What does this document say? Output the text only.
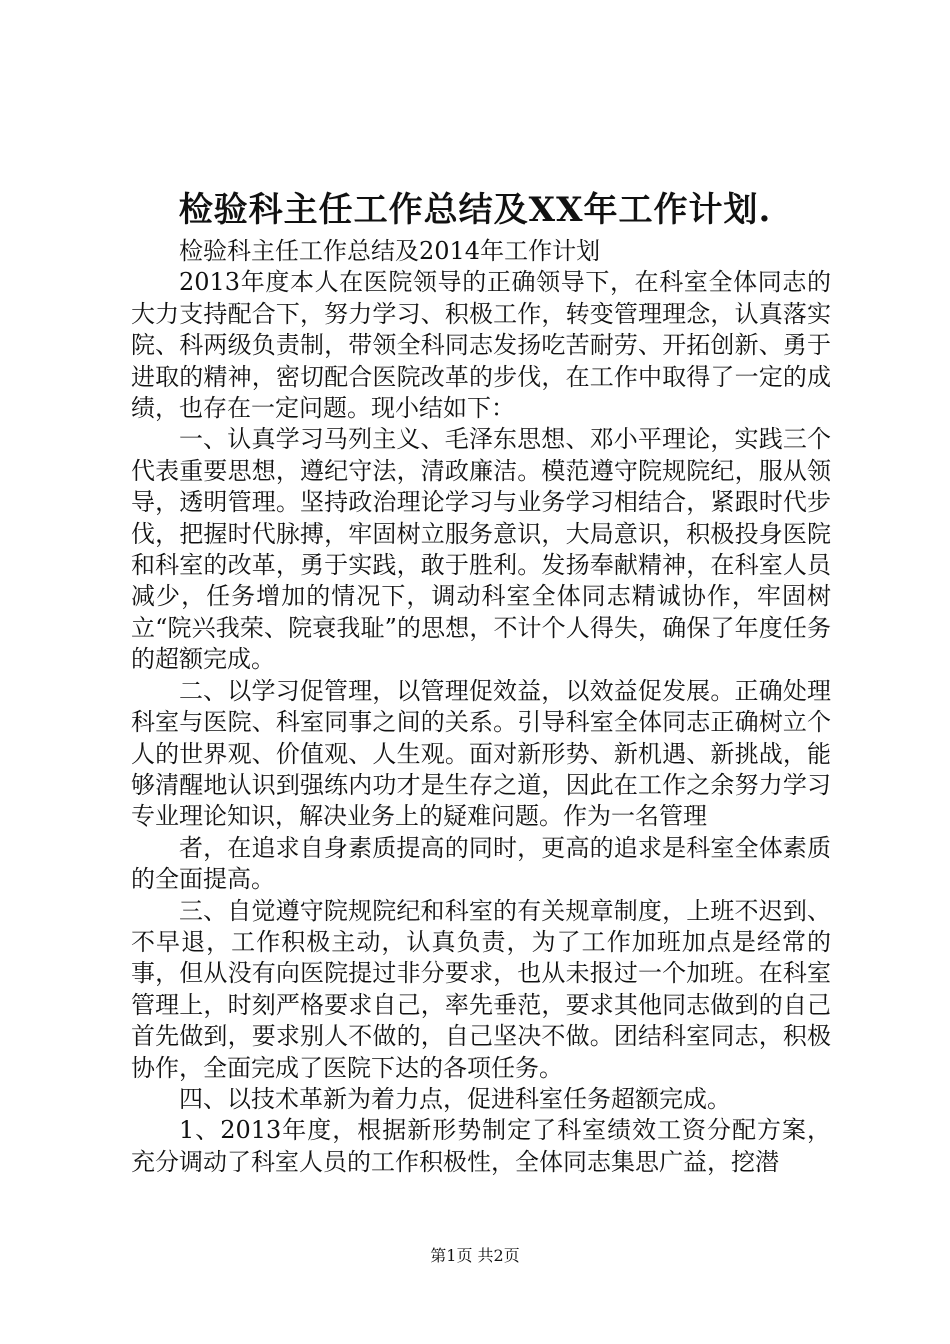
检验科主任工作总结及XX年工作计划.

检验科主任工作总结及2014年工作计划

2013年度本人在医院领导的正确领导下，在科室全体同志的大力支持配合下，努力学习、积极工作，转变管理理念，认真落实院、科两级负责制，带领全科同志发扬吃苦耐劳、开拓创新、勇于进取的精神，密切配合医院改革的步伐，在工作中取得了一定的成绩，也存在一定问题。现小结如下：

一、认真学习马列主义、毛泽东思想、邓小平理论，实践三个代表重要思想，遵纪守法，清政廉洁。模范遵守院规院纪，服从领导，透明管理。坚持政治理论学习与业务学习相结合，紧跟时代步伐，把握时代脉搏，牢固树立服务意识，大局意识，积极投身医院和科室的改革，勇于实践，敢于胜利。发扬奉献精神，在科室人员减少，任务增加的情况下，调动科室全体同志精诚协作，牢固树立“院兴我荣、院衰我耻”的思想，不计个人得失，确保了年度任务的超额完成。

二、以学习促管理，以管理促效益，以效益促发展。正确处理科室与医院、科室同事之间的关系。引导科室全体同志正确树立个人的世界观、价值观、人生观。面对新形势、新机遇、新挑战，能够清醒地认识到强练内功才是生存之道，因此在工作之余努力学习专业理论知识，解决业务上的疑难问题。作为一名管理

者，在追求自身素质提高的同时，更高的追求是科室全体素质的全面提高。

三、自觉遵守院规院纪和科室的有关规章制度，上班不迟到、不早退，工作积极主动，认真负责，为了工作加班加点是经常的事，但从没有向医院提过非分要求，也从未报过一个加班。在科室管理上，时刻严格要求自己，率先垂范，要求其他同志做到的自己首先做到，要求别人不做的，自己坚决不做。团结科室同志，积极协作，全面完成了医院下达的各项任务。

四、以技术革新为着力点，促进科室任务超额完成。

1、2013年度，根据新形势制定了科室绩效工资分配方案，充分调动了科室人员的工作积极性，全体同志集思广益，挖潜

第1页 共2页
